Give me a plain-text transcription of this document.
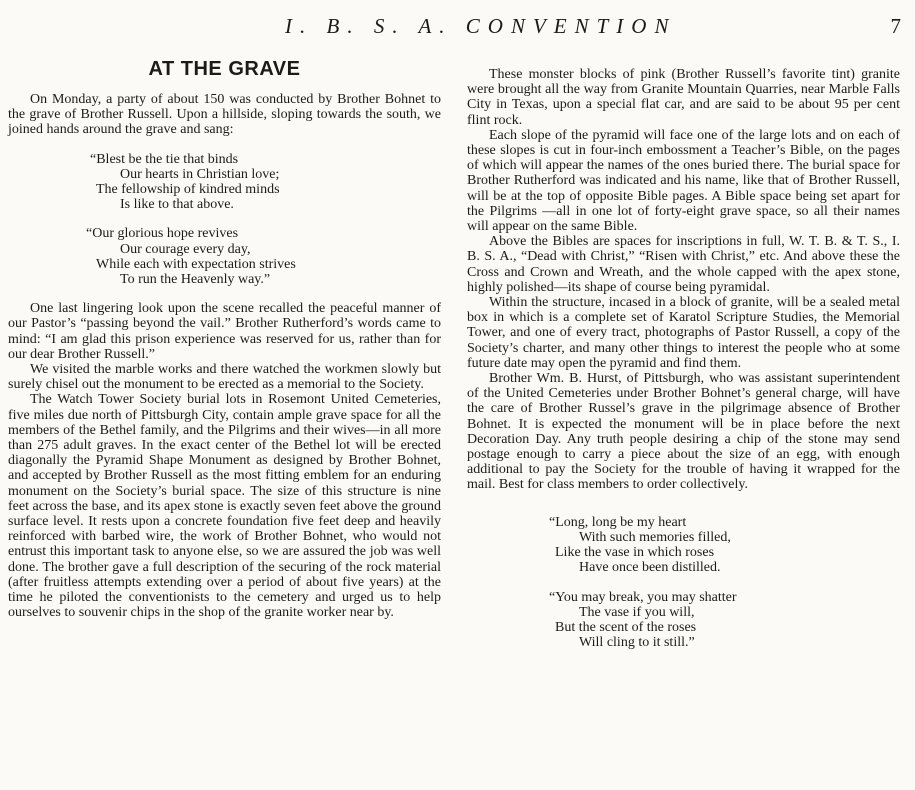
I. B. S. A. CONVENTION	7
AT THE GRAVE

On Monday, a party of about 150 was conducted by Brother Bohnet to the grave of Brother Russell. Upon a hillside, sloping towards the south, we joined hands around the grave and sang:

“Blest be the tie that binds
Our hearts in Christian love;
The fellowship of kindred minds
Is like to that above.
“Our glorious hope revives
Our courage every day,
While each with expectation strives
To run the Heavenly way.”

One last lingering look upon the scene recalled the peaceful manner of our Pastor’s “passing beyond the vail.” Brother Rutherford’s words came to mind: “I am glad this prison experience was reserved for us, rather than for our dear Brother Russell.”

We visited the marble works and there watched the workmen slowly but surely chisel out the monument to be erected as a memorial to the Society.

The Watch Tower Society burial lots in Rosemont United Cemeteries, five miles due north of Pittsburgh City, contain ample grave space for all the members of the Bethel family, and the Pilgrims and their wives—in all more than 275 adult graves. In the exact center of the Bethel lot will be erected diagonally the Pyramid Shape Monument as designed by Brother Bohnet, and accepted by Brother Russell as the most fitting emblem for an enduring monument on the Society’s burial space. The size of this structure is nine feet across the base, and its apex stone is exactly seven feet above the ground surface level. It rests upon a concrete foundation five feet deep and heavily reinforced with barbed wire, the work of Brother Bohnet, who would not entrust this important task to anyone else, so we are assured the job was well done. The brother gave a full description of the securing of the rock material (after fruitless attempts extending over a period of about five years) at the time he piloted the conventionists to the cemetery and urged us to help ourselves to souvenir chips in the shop of the granite worker near by.

These monster blocks of pink (Brother Russell’s favorite tint) granite were brought all the way from Granite Mountain Quarries, near Marble Falls City in Texas, upon a special flat car, and are said to be about 95 per cent flint rock.

Each slope of the pyramid will face one of the large lots and on each of these slopes is cut in four-inch embossment a Teacher’s Bible, on the pages of which will appear the names of the ones buried there. The burial space for Brother Rutherford was indicated and his name, like that of Brother Russell, will be at the top of opposite Bible pages. A Bible space being set apart for the Pilgrims —all in one lot of forty-eight grave space, so all their names will appear on the same Bible.

Above the Bibles are spaces for inscriptions in full, W. T. B. & T. S., I. B. S. A., “Dead with Christ,” “Risen with Christ,” etc. And above these the Cross and Crown and Wreath, and the whole capped with the apex stone, highly polished—its shape of course being pyramidal.

Within the structure, incased in a block of granite, will be a sealed metal box in which is a complete set of Karatol Scripture Studies, the Memorial Tower, and one of every tract, photographs of Pastor Russell, a copy of the Society’s charter, and many other things to interest the people who at some future date may open the pyramid and find them.

Brother Wm. B. Hurst, of Pittsburgh, who was assistant superintendent of the United Cemeteries under Brother Bohnet’s general charge, will have the care of Brother Russel’s grave in the pilgrimage absence of Brother Bohnet. It is expected the monument will be in place before the next Decoration Day. Any truth people desiring a chip of the stone may send postage enough to carry a piece about the size of an egg, with enough additional to pay the Society for the trouble of having it wrapped for the mail. Best for class members to order collectively.

“Long, long be my heart
With such memories filled,
Like the vase in which roses
Have once been distilled.
“You may break, you may shatter
The vase if you will,
But the scent of the roses
Will cling to it still.”
